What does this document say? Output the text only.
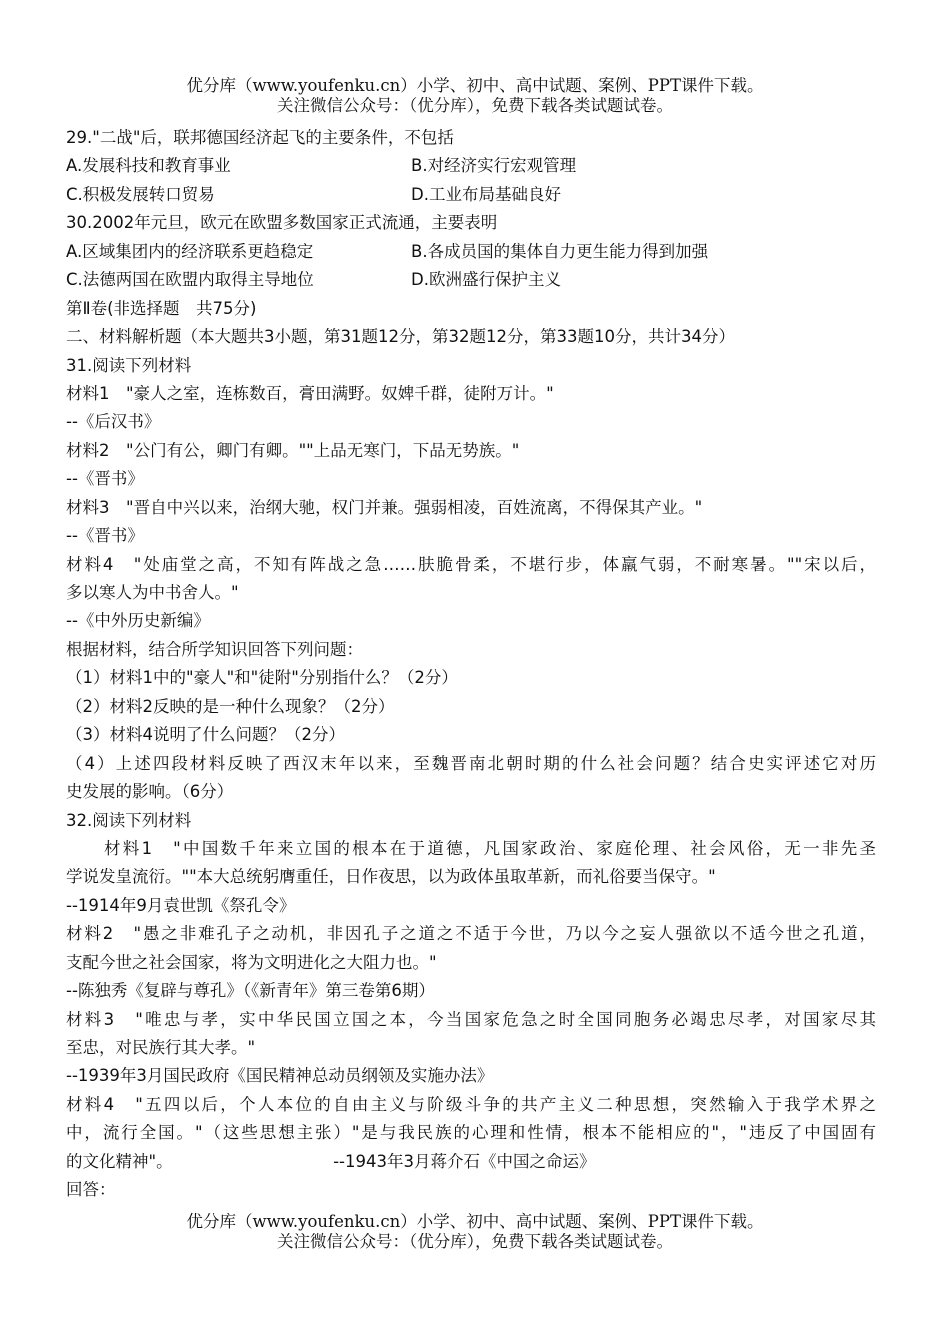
优分库（www.youfenku.cn）小学、初中、高中试题、案例、PPT课件下载。
关注微信公众号：（优分库），免费下载各类试题试卷。
29."二战"后，联邦德国经济起飞的主要条件，不包括
A.发展科技和教育事业	B.对经济实行宏观管理
C.积极发展转口贸易	D.工业布局基础良好
30.2002年元旦，欧元在欧盟多数国家正式流通，主要表明
A.区域集团内的经济联系更趋稳定	B.各成员国的集体自力更生能力得到加强
C.法德两国在欧盟内取得主导地位	D.欧洲盛行保护主义
第Ⅱ卷(非选择题　共75分)
二、材料解析题（本大题共3小题，第31题12分，第32题12分，第33题10分，共计34分）
31.阅读下列材料
材料1　"豪人之室，连栋数百，膏田满野。奴婢千群，徒附万计。"
--《后汉书》
材料2　"公门有公，卿门有卿。""上品无寒门，下品无势族。"
--《晋书》
材料3　"晋自中兴以来，治纲大驰，权门并兼。强弱相凌，百姓流离，不得保其产业。"
--《晋书》
材料4　"处庙堂之高，不知有阵战之急……肤脆骨柔，不堪行步，体羸气弱，不耐寒暑。""宋以后，
多以寒人为中书舍人。"
--《中外历史新编》
根据材料，结合所学知识回答下列问题：
（1）材料1中的"豪人"和"徒附"分别指什么？（2分）
（2）材料2反映的是一种什么现象？（2分）
（3）材料4说明了什么问题？（2分）
（4）上述四段材料反映了西汉末年以来，至魏晋南北朝时期的什么社会问题？结合史实评述它对历
史发展的影响。（6分）
32.阅读下列材料
材料1　"中国数千年来立国的根本在于道德，凡国家政治、家庭伦理、社会风俗，无一非先圣
学说发皇流衍。""本大总统躬膺重任，日作夜思，以为政体虽取革新，而礼俗要当保守。"
--1914年9月袁世凯《祭孔令》
材料2　"愚之非难孔子之动机，非因孔子之道之不适于今世，乃以今之妄人强欲以不适今世之孔道，
支配今世之社会国家，将为文明进化之大阻力也。"
--陈独秀《复辟与尊孔》（《新青年》第三卷第6期）
材料3　"唯忠与孝，实中华民国立国之本，今当国家危急之时全国同胞务必竭忠尽孝，对国家尽其
至忠，对民族行其大孝。"
--1939年3月国民政府《国民精神总动员纲领及实施办法》
材料4　"五四以后，个人本位的自由主义与阶级斗争的共产主义二种思想，突然输入于我学术界之
中，流行全国。"（这些思想主张）"是与我民族的心理和性情，根本不能相应的"，"违反了中国固有
的文化精神"。	--1943年3月蒋介石《中国之命运》
回答：
优分库（www.youfenku.cn）小学、初中、高中试题、案例、PPT课件下载。
关注微信公众号：（优分库），免费下载各类试题试卷。
